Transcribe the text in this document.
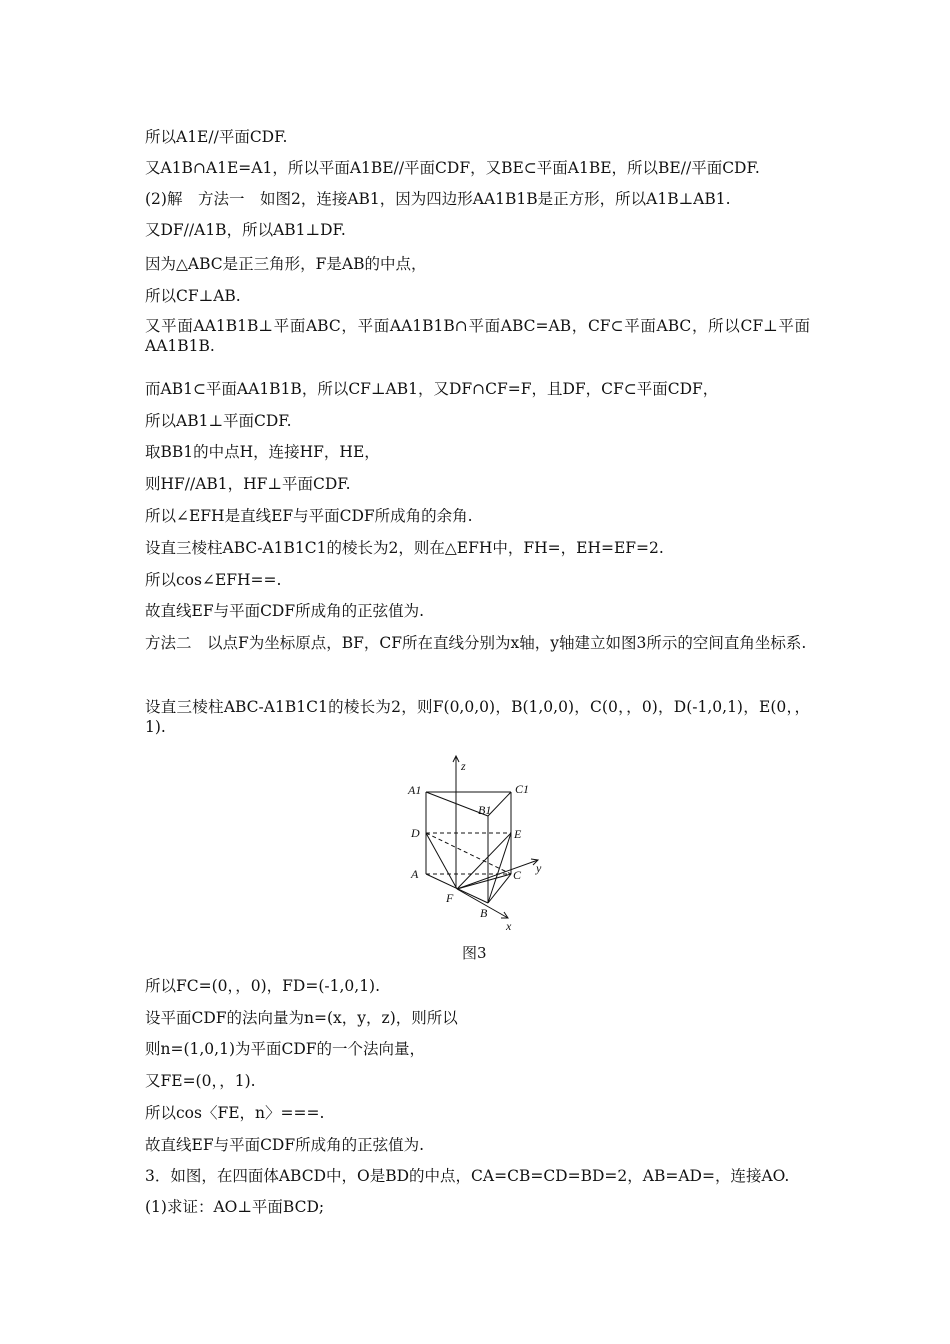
所以A1E//平面CDF.
又A1B∩A1E=A1，所以平面A1BE//平面CDF，又BE⊂平面A1BE，所以BE//平面CDF.
(2)解　方法一　如图2，连接AB1，因为四边形AA1B1B是正方形，所以A1B⊥AB1.
又DF//A1B，所以AB1⊥DF.
因为△ABC是正三角形，F是AB的中点，
所以CF⊥AB.
又平面AA1B1B⊥平面ABC，平面AA1B1B∩平面ABC=AB，CF⊂平面ABC，所以CF⊥平面AA1B1B.
而AB1⊂平面AA1B1B，所以CF⊥AB1，又DF∩CF=F，且DF，CF⊂平面CDF，
所以AB1⊥平面CDF.
取BB1的中点H，连接HF，HE，
则HF//AB1，HF⊥平面CDF.
所以∠EFH是直线EF与平面CDF所成角的余角.
设直三棱柱ABC-A1B1C1的棱长为2，则在△EFH中，FH=，EH=EF=2.
所以cos∠EFH==.
故直线EF与平面CDF所成角的正弦值为.
方法二　以点F为坐标原点，BF，CF所在直线分别为x轴，y轴建立如图3所示的空间直角坐标系.
设直三棱柱ABC-A1B1C1的棱长为2，则F(0,0,0)，B(1,0,0)，C(0，，0)，D(-1,0,1)，E(0，，1).
z
y
x
A1	C1
B1
D	E
A	C
F
B
图3
所以FC=(0，，0)，FD=(-1,0,1).
设平面CDF的法向量为n=(x，y，z)，则所以
则n=(1,0,1)为平面CDF的一个法向量，
又FE=(0，，1).
所以cos〈FE，n〉===.
故直线EF与平面CDF所成角的正弦值为.
3．如图，在四面体ABCD中，O是BD的中点，CA=CB=CD=BD=2，AB=AD=，连接AO.
(1)求证：AO⊥平面BCD;
